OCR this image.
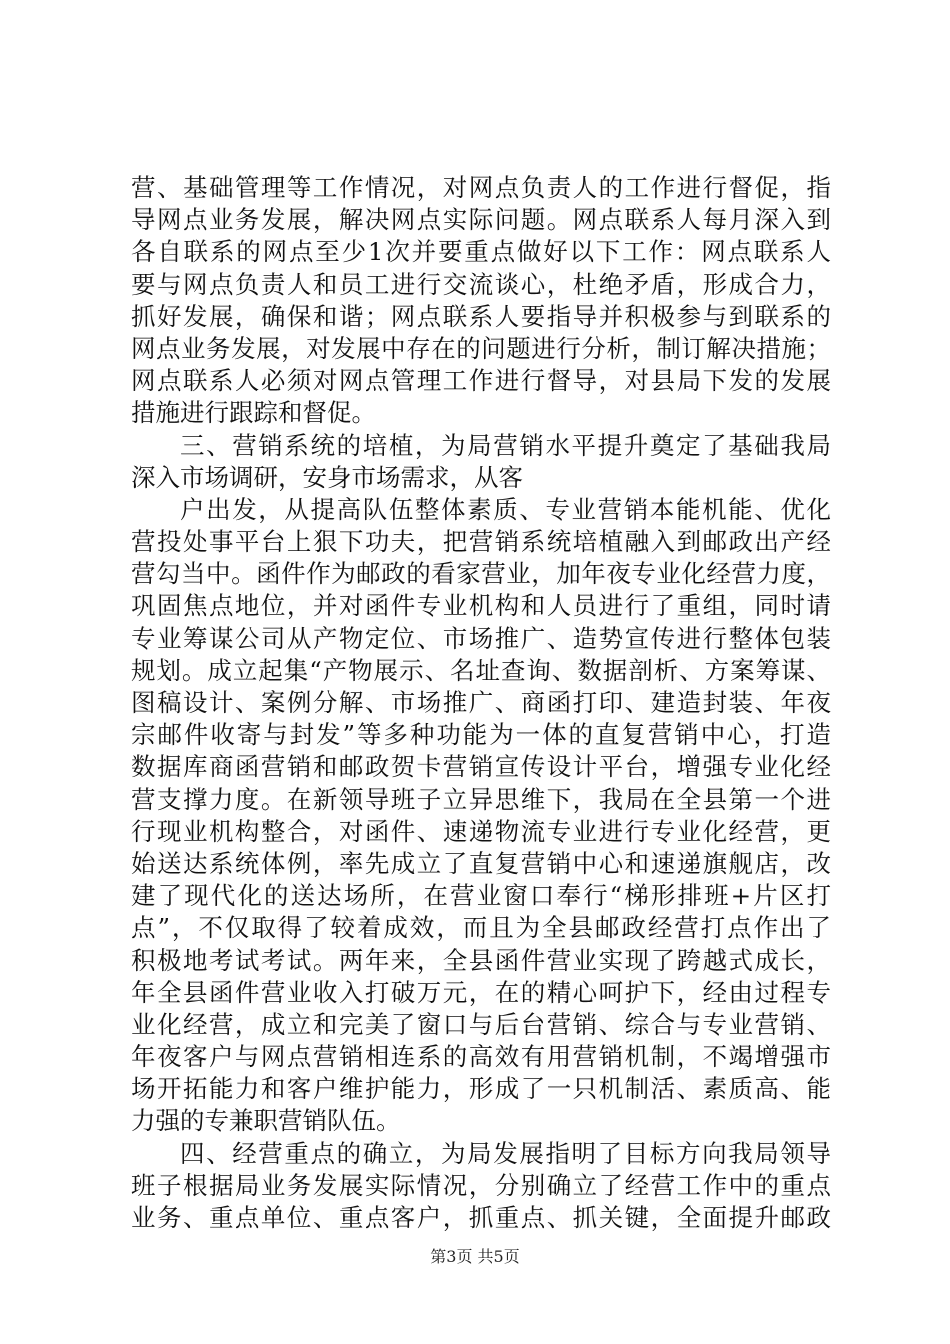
营、基础管理等工作情况，对网点负责人的工作进行督促，指
导网点业务发展，解决网点实际问题。网点联系人每月深入到
各自联系的网点至少1次并要重点做好以下工作：网点联系人
要与网点负责人和员工进行交流谈心，杜绝矛盾，形成合力，
抓好发展，确保和谐；网点联系人要指导并积极参与到联系的
网点业务发展，对发展中存在的问题进行分析，制订解决措施；
网点联系人必须对网点管理工作进行督导，对县局下发的发展
措施进行跟踪和督促。
三、营销系统的培植，为局营销水平提升奠定了基础我局
深入市场调研，安身市场需求，从客
户出发，从提高队伍整体素质、专业营销本能机能、优化
营投处事平台上狠下功夫，把营销系统培植融入到邮政出产经
营勾当中。函件作为邮政的看家营业，加年夜专业化经营力度，
巩固焦点地位，并对函件专业机构和人员进行了重组，同时请
专业筹谋公司从产物定位、市场推广、造势宣传进行整体包装
规划。成立起集“产物展示、名址查询、数据剖析、方案筹谋、
图稿设计、案例分解、市场推广、商函打印、建造封装、年夜
宗邮件收寄与封发”等多种功能为一体的直复营销中心，打造
数据库商函营销和邮政贺卡营销宣传设计平台，增强专业化经
营支撑力度。在新领导班子立异思维下，我局在全县第一个进
行现业机构整合，对函件、速递物流专业进行专业化经营，更
始送达系统体例，率先成立了直复营销中心和速递旗舰店，改
建了现代化的送达场所，在营业窗口奉行“梯形排班+片区打
点”，不仅取得了较着成效，而且为全县邮政经营打点作出了
积极地考试考试。两年来，全县函件营业实现了跨越式成长，
年全县函件营业收入打破万元，在的精心呵护下，经由过程专
业化经营，成立和完美了窗口与后台营销、综合与专业营销、
年夜客户与网点营销相连系的高效有用营销机制，不竭增强市
场开拓能力和客户维护能力，形成了一只机制活、素质高、能
力强的专兼职营销队伍。
四、经营重点的确立，为局发展指明了目标方向我局领导
班子根据局业务发展实际情况，分别确立了经营工作中的重点
业务、重点单位、重点客户，抓重点、抓关键，全面提升邮政
第3页 共5页
